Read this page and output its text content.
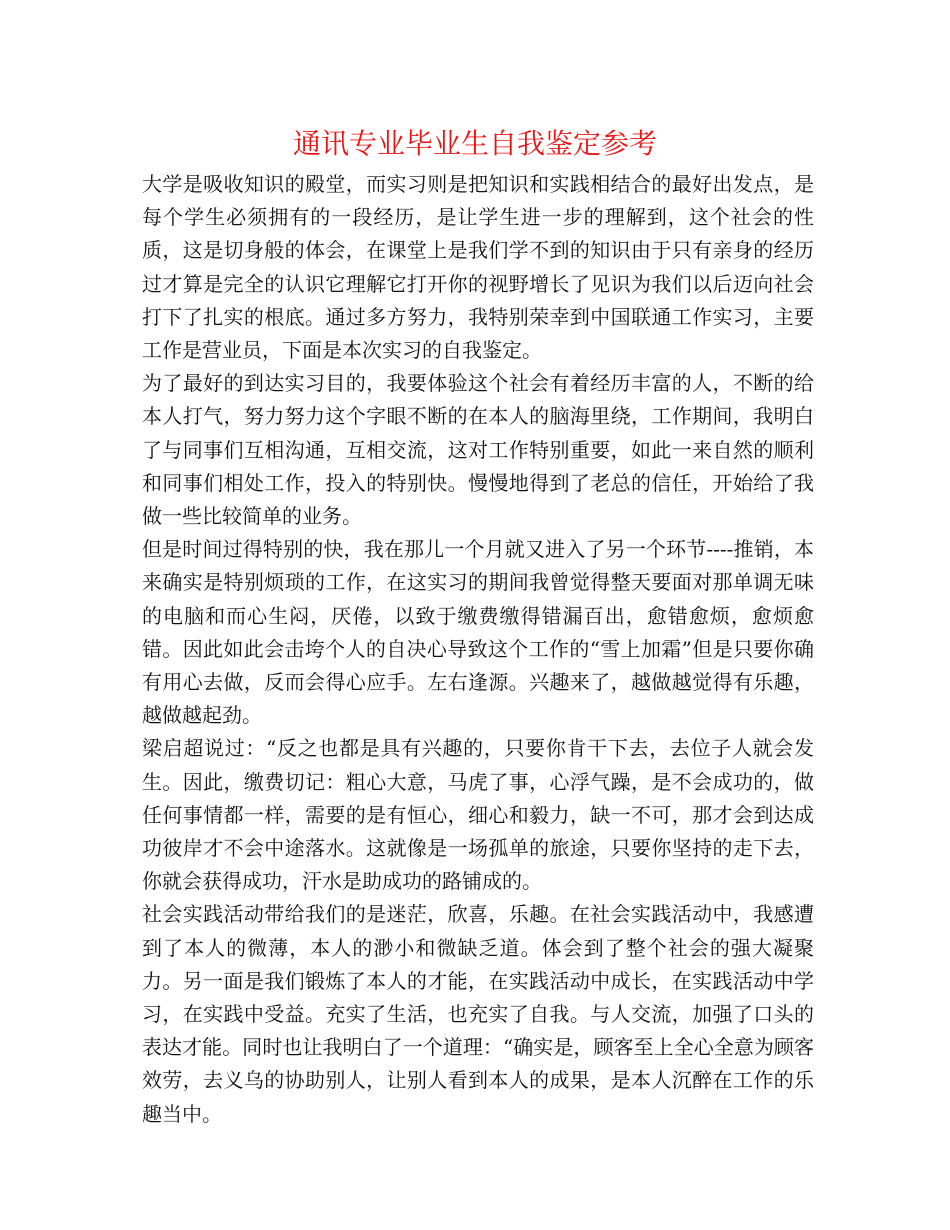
通讯专业毕业生自我鉴定参考

大学是吸收知识的殿堂，而实习则是把知识和实践相结合的最好出发点，是每个学生必须拥有的一段经历，是让学生进一步的理解到，这个社会的性质，这是切身般的体会，在课堂上是我们学不到的知识由于只有亲身的经历过才算是完全的认识它理解它打开你的视野增长了见识为我们以后迈向社会打下了扎实的根底。通过多方努力，我特别荣幸到中国联通工作实习，主要工作是营业员，下面是本次实习的自我鉴定。

为了最好的到达实习目的，我要体验这个社会有着经历丰富的人，不断的给本人打气，努力努力这个字眼不断的在本人的脑海里绕，工作期间，我明白了与同事们互相沟通，互相交流，这对工作特别重要，如此一来自然的顺利和同事们相处工作，投入的特别快。慢慢地得到了老总的信任，开始给了我做一些比较简单的业务。

但是时间过得特别的快，我在那儿一个月就又进入了另一个环节----推销，本来确实是特别烦琐的工作，在这实习的期间我曾觉得整天要面对那单调无味的电脑和而心生闷，厌倦，以致于缴费缴得错漏百出，愈错愈烦，愈烦愈错。因此如此会击垮个人的自决心导致这个工作的“雪上加霜”但是只要你确有用心去做，反而会得心应手。左右逢源。兴趣来了，越做越觉得有乐趣，越做越起劲。

梁启超说过：“反之也都是具有兴趣的，只要你肯干下去，去位子人就会发生。因此，缴费切记：粗心大意，马虎了事，心浮气躁，是不会成功的，做任何事情都一样，需要的是有恒心，细心和毅力，缺一不可，那才会到达成功彼岸才不会中途落水。这就像是一场孤单的旅途，只要你坚持的走下去，你就会获得成功，汗水是助成功的路铺成的。

社会实践活动带给我们的是迷茫，欣喜，乐趣。在社会实践活动中，我感遭到了本人的微薄，本人的渺小和微缺乏道。体会到了整个社会的强大凝聚力。另一面是我们锻炼了本人的才能，在实践活动中成长，在实践活动中学习，在实践中受益。充实了生活，也充实了自我。与人交流，加强了口头的表达才能。同时也让我明白了一个道理：“确实是，顾客至上全心全意为顾客效劳，去义乌的协助别人，让别人看到本人的成果，是本人沉醉在工作的乐趣当中。
